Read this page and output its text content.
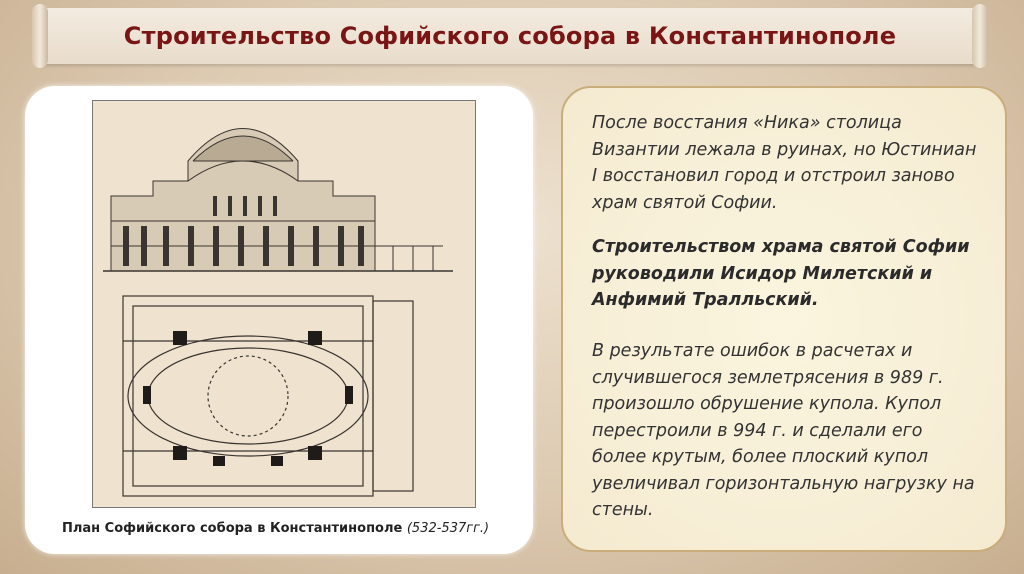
Строительство Софийского собора в Константинополе
План Софийского собора в Константинополе (532-537гг.)
После восстания «Ника» столица Византии лежала в руинах, но Юстиниан I восстановил город и отстроил заново храм святой Софии.
Строительством храма святой Софии руководили Исидор Милетский и Анфимий Тралльский.
В результате ошибок в расчетах и случившегося землетрясения в 989 г. произошло обрушение купола. Купол перестроили в 994 г. и сделали его более крутым, более плоский купол увеличивал горизонтальную нагрузку на стены.
